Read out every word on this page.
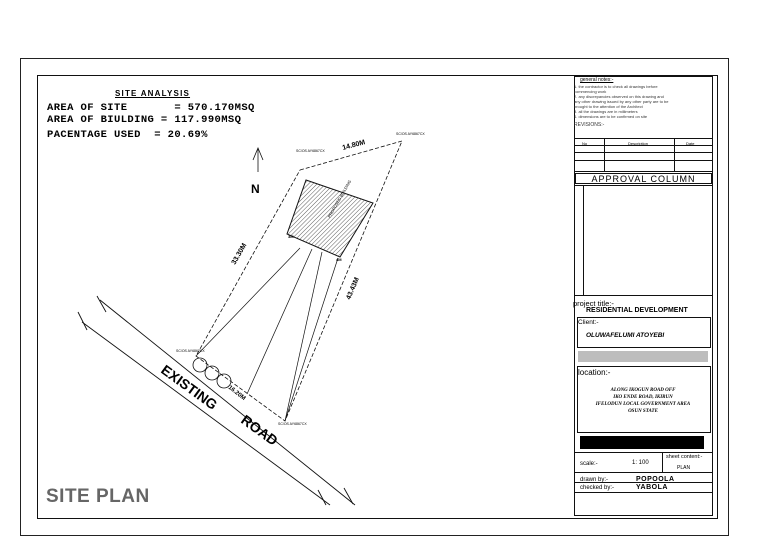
SITE ANALYSIS
AREA OF SITE       = 570.170MSQ
AREA OF BIULDING = 117.990MSQ
PACENTAGE USED  = 20.69%
PROPOSED BUILDING
N
14.80M
33.30M
43.43M
16.20M
3M
4M
SC/OS AY6867CX
SC/OS AY6867CX
SC/OS AY6867CX
SC/OS AY6867CX
EXISTING
ROAD
SITE PLAN
general notes:-
1. the contractor is to check all drawings before
commencing work
2. any discrepancies observed on this drawing and
any other drawing issued by any other party are to be
brought to the attention of the Architect
3. all the drawings are in millimeters
4. dimensions are to be confirmed on site
REVISIONS:-
No	Description	Date
APPROVAL COLUMN
project title:-
RESIDENTIAL DEVELOPMENT
Client:-
OLUWAFELUMI ATOYEBI
location:-
ALONG IKOGUN ROAD OFF
IKO ENDE ROAD, IKIRUN
IFELODUN LOCAL GOVERNMENT AREA
OSUN STATE
scale:-	1: 100
sheet content:-
PLAN
drawn by:-	POPOOLA
checked by:-	YABOLA
